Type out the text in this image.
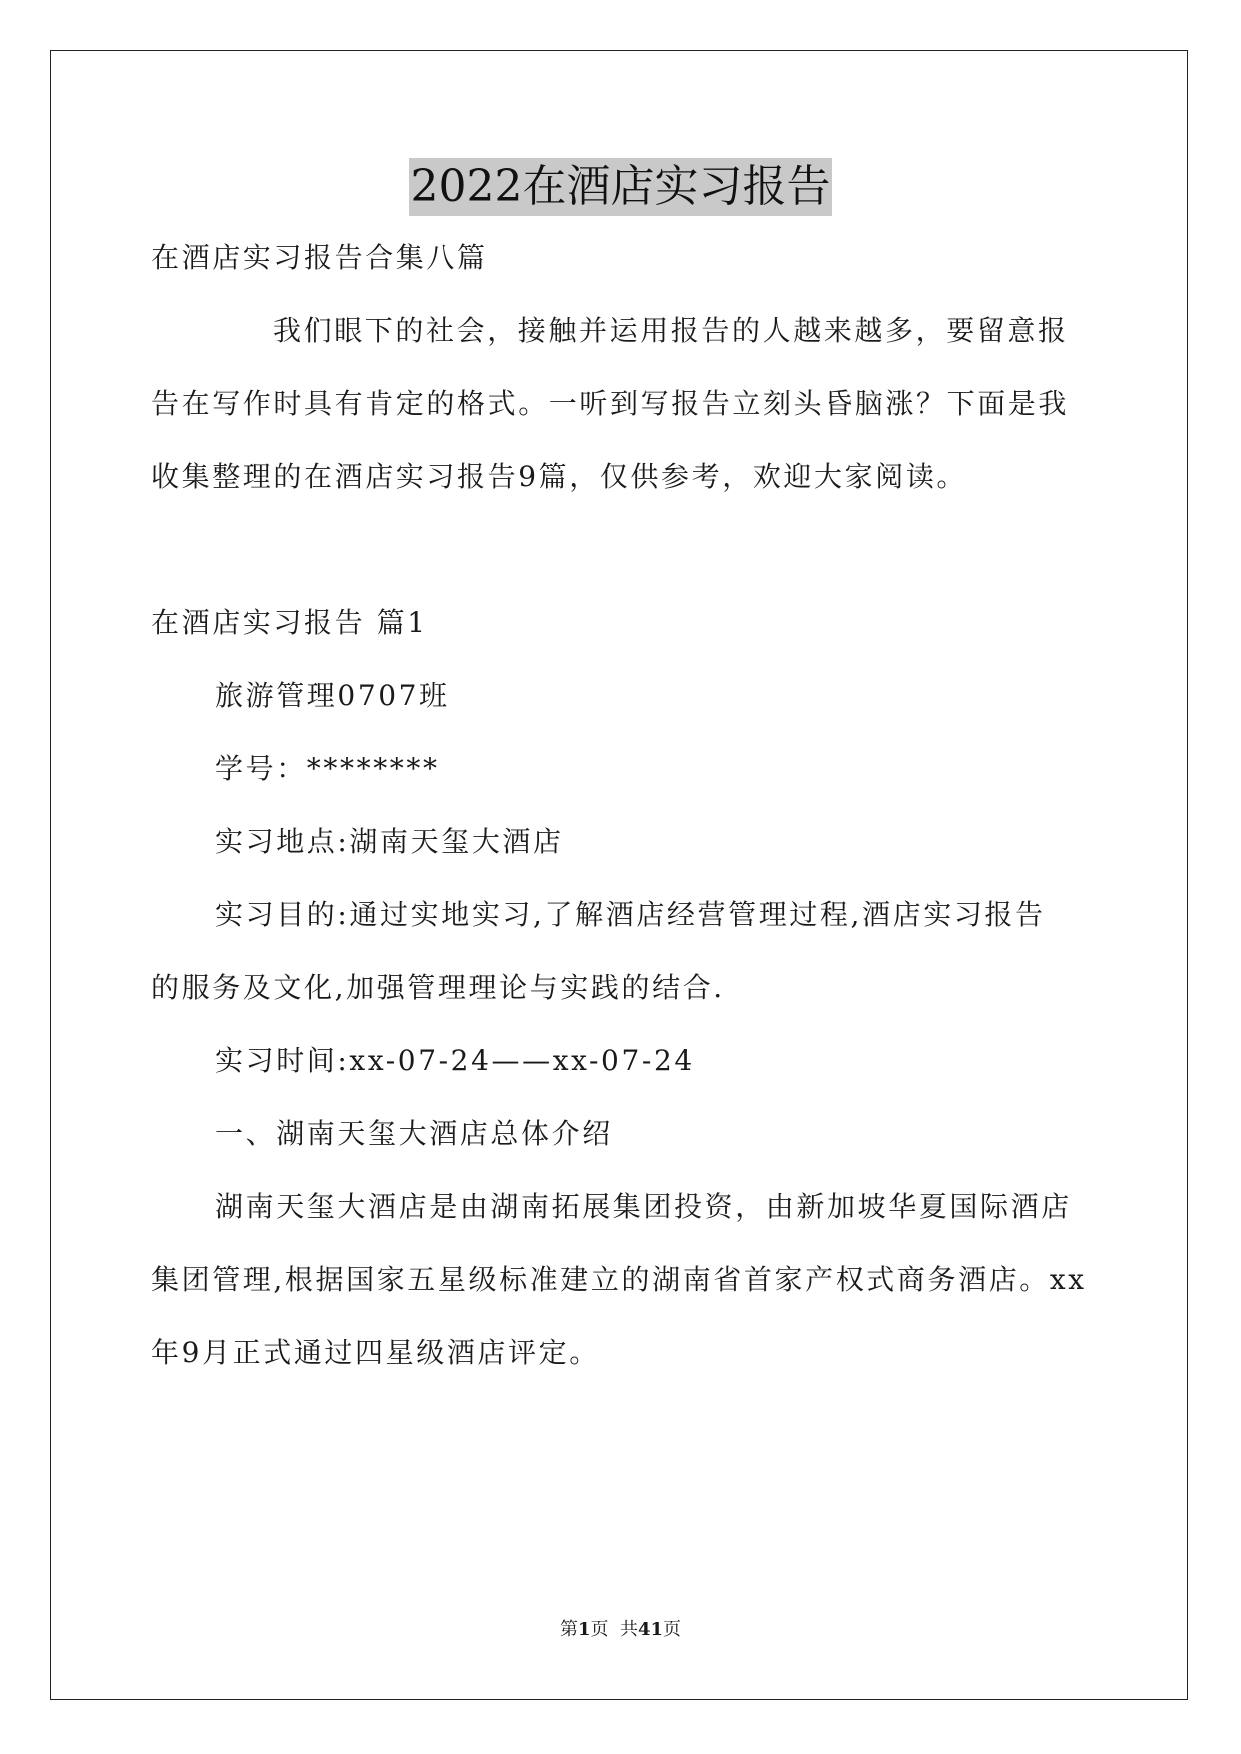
2022在酒店实习报告
在酒店实习报告合集八篇
我们眼下的社会，接触并运用报告的人越来越多，要留意报
告在写作时具有肯定的格式。一听到写报告立刻头昏脑涨？下面是我
收集整理的在酒店实习报告9篇，仅供参考，欢迎大家阅读。
在酒店实习报告 篇1
旅游管理0707班
学号：********
实习地点:湖南天玺大酒店
实习目的:通过实地实习,了解酒店经营管理过程,酒店实习报告
的服务及文化,加强管理理论与实践的结合.
实习时间:xx-07-24——xx-07-24
一、湖南天玺大酒店总体介绍
湖南天玺大酒店是由湖南拓展集团投资，由新加坡华夏国际酒店
集团管理,根据国家五星级标准建立的湖南省首家产权式商务酒店。xx
年9月正式通过四星级酒店评定。
第1页  共41页
